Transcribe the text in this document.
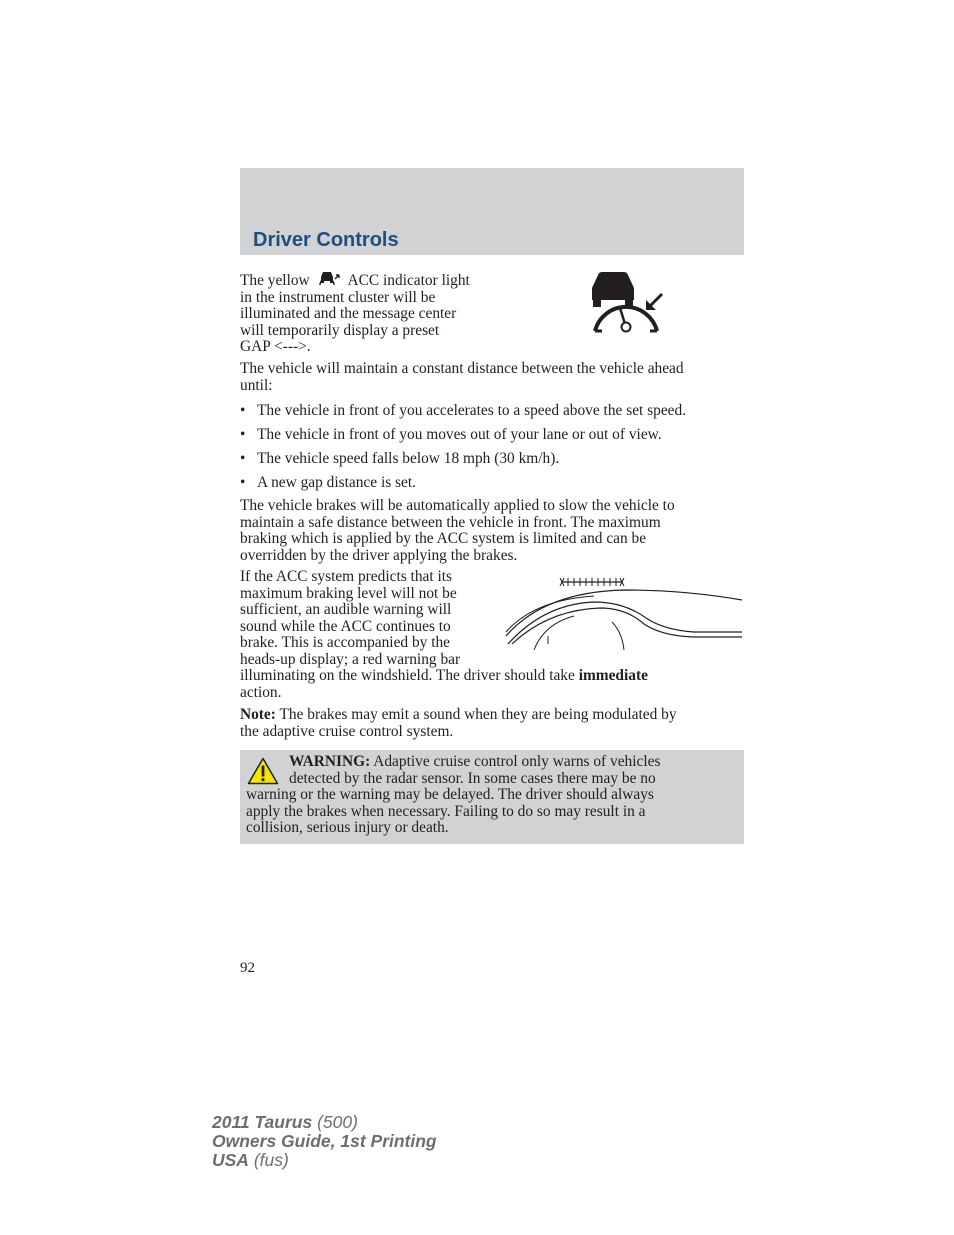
Driver Controls
The yellow ACC indicator light
in the instrument cluster will be
illuminated and the message center
will temporarily display a preset
GAP <--->.
The vehicle will maintain a constant distance between the vehicle ahead
until:
• The vehicle in front of you accelerates to a speed above the set speed.
• The vehicle in front of you moves out of your lane or out of view.
• The vehicle speed falls below 18 mph (30 km/h).
• A new gap distance is set.
The vehicle brakes will be automatically applied to slow the vehicle to
maintain a safe distance between the vehicle in front. The maximum
braking which is applied by the ACC system is limited and can be
overridden by the driver applying the brakes.
If the ACC system predicts that its
maximum braking level will not be
sufficient, an audible warning will
sound while the ACC continues to
brake. This is accompanied by the
heads-up display; a red warning bar
illuminating on the windshield. The driver should take immediate
action.
Note: The brakes may emit a sound when they are being modulated by
the adaptive cruise control system.
WARNING: Adaptive cruise control only warns of vehicles
detected by the radar sensor. In some cases there may be no
warning or the warning may be delayed. The driver should always
apply the brakes when necessary. Failing to do so may result in a
collision, serious injury or death.
92
2011 Taurus (500)
Owners Guide, 1st Printing
USA (fus)
